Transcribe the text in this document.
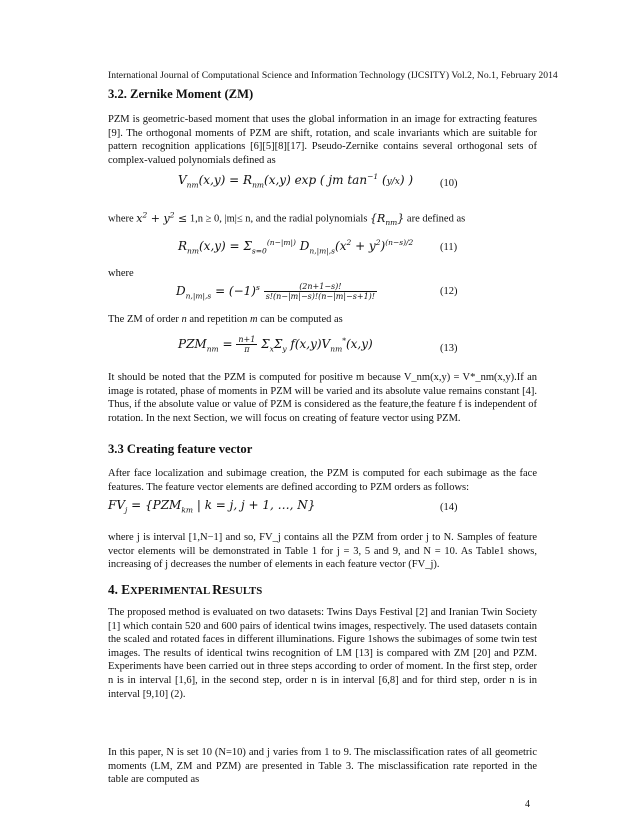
International Journal of Computational Science and Information Technology (IJCSITY) Vol.2, No.1, February 2014
3.2. Zernike Moment (ZM)
PZM is geometric-based moment that uses the global information in an image for extracting features [9]. The orthogonal moments of PZM are shift, rotation, and scale invariants which are suitable for pattern recognition applications [6][5][8][17]. Pseudo-Zernike contains several orthogonal sets of complex-valued polynomials defined as
$V_{nm}(x,y) = R_{nm}(x,y)$ exp ( jm $\tan^{-1} (y/x)$ )	(10)
where $x^2 + y^2 \le 1,n \ge 0$, |m|≤ n, and the radial polynomials $\{R_{nm}\}$ are defined as
$R_{nm}(x,y) = \Sigma_{s=0}^{(n-|m|)}$ $D_{n,|m|,s}(x^2 + y^2)^{(n-s)/2}$	(11)
where
$D_{n,|m|,s} = (-1)^s \frac{(2n+1-s)!}{s!(n-|m|-s)!(n-|m|-s+1)!}$	(12)
The ZM of order n and repetition m can be computed as
$PZM_{nm} = \frac{n+1}{\pi} \Sigma_x\Sigma_y$ $f(x,y)V_{nm}^*(x,y)$	(13)
It should be noted that the PZM is computed for positive m because V_nm(x,y) = V*_nm(x,y).If an image is rotated, phase of moments in PZM will be varied and its absolute value remains constant [4]. Thus, if the absolute value or value of PZM is considered as the feature,the feature f is independent of rotation. In the next Section, we will focus on creating of feature vector using PZM.
3.3 Creating feature vector
After face localization and subimage creation, the PZM is computed for each subimage as the face features. The feature vector elements are defined according to PZM orders as follows:
$FV_j = \{PZM_{km}$ | k = j, j + 1, …, N}	(14)
where j is interval [1,N−1] and so, FV_j contains all the PZM from order j to N. Samples of feature vector elements will be demonstrated in Table 1 for j = 3, 5 and 9, and N = 10. As Table1 shows, increasing of j decreases the number of elements in each feature vector (FV_j).
4. EXPERIMENTAL RESULTS
The proposed method is evaluated on two datasets: Twins Days Festival [2] and Iranian Twin Society [1] which contain 520 and 600 pairs of identical twins images, respectively. The used datasets contain the scaled and rotated faces in different illuminations. Figure 1shows the subimages of some twin test images. The results of identical twins recognition of LM [13] is compared with ZM [20] and PZM. Experiments have been carried out in three steps according to order of moment. In the first step, order n is in interval [1,6], in the second step, order n is in interval [6,8] and for third step, order n is in interval [9,10] (2).
In this paper, N is set 10 (N=10) and j varies from 1 to 9. The misclassification rates of all geometric moments (LM, ZM and PZM) are presented in Table 3. The misclassification rate reported in the table are computed as
4
